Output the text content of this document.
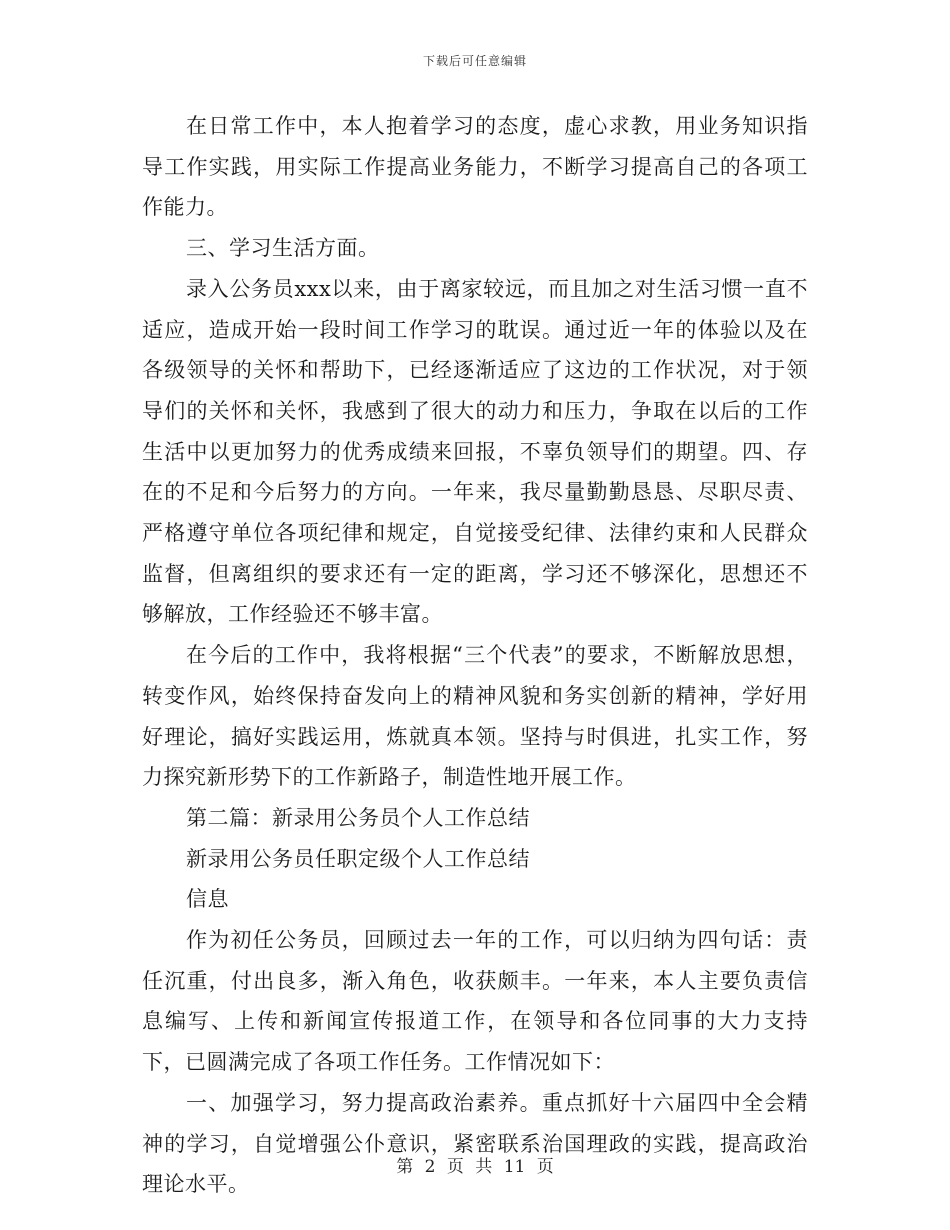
下载后可任意编辑

在日常工作中，本人抱着学习的态度，虚心求教，用业务知识指导工作实践，用实际工作提高业务能力，不断学习提高自己的各项工作能力。

三、学习生活方面。

录入公务员xxx以来，由于离家较远，而且加之对生活习惯一直不适应，造成开始一段时间工作学习的耽误。通过近一年的体验以及在各级领导的关怀和帮助下，已经逐渐适应了这边的工作状况，对于领导们的关怀和关怀，我感到了很大的动力和压力，争取在以后的工作生活中以更加努力的优秀成绩来回报，不辜负领导们的期望。四、存在的不足和今后努力的方向。一年来，我尽量勤勤恳恳、尽职尽责、严格遵守单位各项纪律和规定，自觉接受纪律、法律约束和人民群众监督，但离组织的要求还有一定的距离，学习还不够深化，思想还不够解放，工作经验还不够丰富。

在今后的工作中，我将根据“三个代表”的要求，不断解放思想，转变作风，始终保持奋发向上的精神风貌和务实创新的精神，学好用好理论，搞好实践运用，炼就真本领。坚持与时俱进，扎实工作，努力探究新形势下的工作新路子，制造性地开展工作。

第二篇：新录用公务员个人工作总结

新录用公务员任职定级个人工作总结

信息

作为初任公务员，回顾过去一年的工作，可以归纳为四句话：责任沉重，付出良多，渐入角色，收获颇丰。一年来，本人主要负责信息编写、上传和新闻宣传报道工作，在领导和各位同事的大力支持下，已圆满完成了各项工作任务。工作情况如下：

一、加强学习，努力提高政治素养。重点抓好十六届四中全会精神的学习，自觉增强公仆意识，紧密联系治国理政的实践，提高政治理论水平。

第 2 页 共 11 页
